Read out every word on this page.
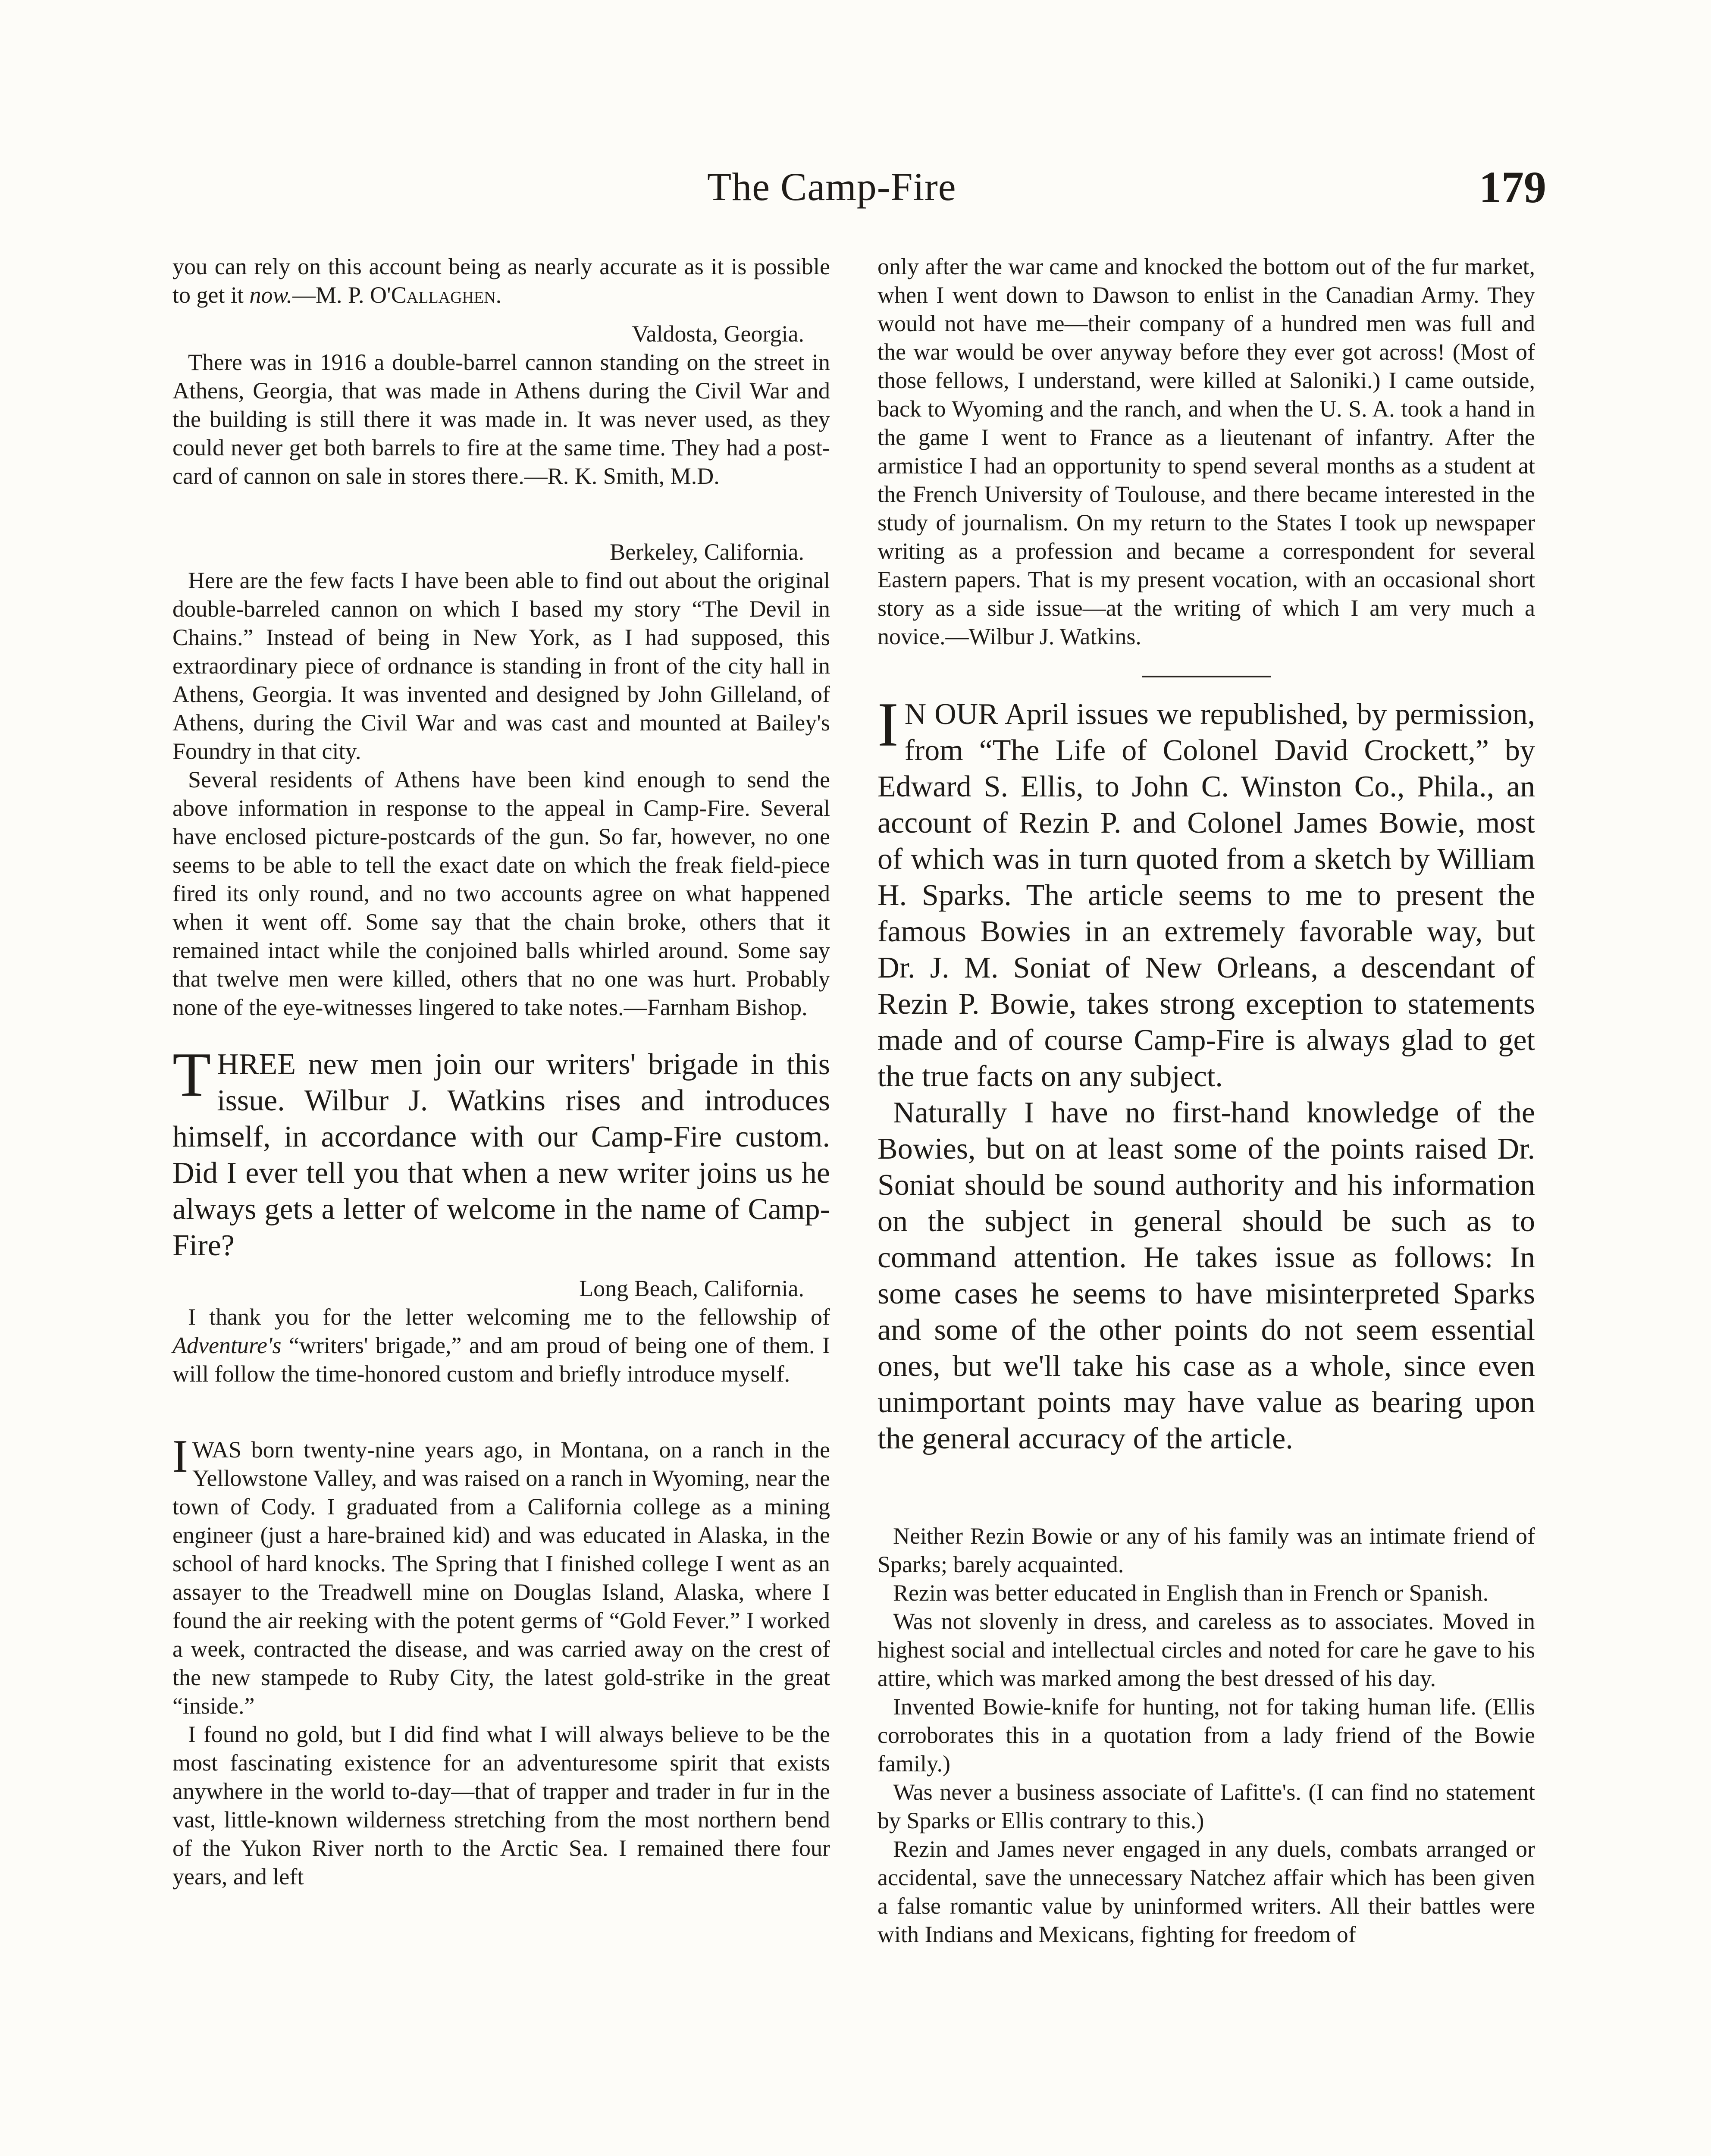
The Camp-Fire	179

you can rely on this account being as nearly accurate as it is possible to get it now.—M. P. O'Callaghen.

Valdosta, Georgia.

There was in 1916 a double-barrel cannon standing on the street in Athens, Georgia, that was made in Athens during the Civil War and the building is still there it was made in. It was never used, as they could never get both barrels to fire at the same time. They had a post-card of cannon on sale in stores there.—R. K. Smith, M.D.

Berkeley, California.

Here are the few facts I have been able to find out about the original double-barreled cannon on which I based my story “The Devil in Chains.” Instead of being in New York, as I had supposed, this extraordinary piece of ordnance is standing in front of the city hall in Athens, Georgia. It was invented and designed by John Gilleland, of Athens, during the Civil War and was cast and mounted at Bailey's Foundry in that city.

Several residents of Athens have been kind enough to send the above information in response to the appeal in Camp-Fire. Several have enclosed picture-postcards of the gun. So far, however, no one seems to be able to tell the exact date on which the freak field-piece fired its only round, and no two accounts agree on what happened when it went off. Some say that the chain broke, others that it remained intact while the conjoined balls whirled around. Some say that twelve men were killed, others that no one was hurt. Probably none of the eye-witnesses lingered to take notes.—Farnham Bishop.

THREE new men join our writers' brigade in this issue. Wilbur J. Watkins rises and introduces himself, in accordance with our Camp-Fire custom. Did I ever tell you that when a new writer joins us he always gets a letter of welcome in the name of Camp-Fire?

Long Beach, California.

I thank you for the letter welcoming me to the fellowship of Adventure's “writers' brigade,” and am proud of being one of them. I will follow the time-honored custom and briefly introduce myself.

I WAS born twenty-nine years ago, in Montana, on a ranch in the Yellowstone Valley, and was raised on a ranch in Wyoming, near the town of Cody. I graduated from a California college as a mining engineer (just a hare-brained kid) and was educated in Alaska, in the school of hard knocks. The Spring that I finished college I went as an assayer to the Treadwell mine on Douglas Island, Alaska, where I found the air reeking with the potent germs of “Gold Fever.” I worked a week, contracted the disease, and was carried away on the crest of the new stampede to Ruby City, the latest gold-strike in the great “inside.”

I found no gold, but I did find what I will always believe to be the most fascinating existence for an adventuresome spirit that exists anywhere in the world to-day—that of trapper and trader in fur in the vast, little-known wilderness stretching from the most northern bend of the Yukon River north to the Arctic Sea. I remained there four years, and left

only after the war came and knocked the bottom out of the fur market, when I went down to Dawson to enlist in the Canadian Army. They would not have me—their company of a hundred men was full and the war would be over anyway before they ever got across! (Most of those fellows, I understand, were killed at Saloniki.) I came outside, back to Wyoming and the ranch, and when the U. S. A. took a hand in the game I went to France as a lieutenant of infantry. After the armistice I had an opportunity to spend several months as a student at the French University of Toulouse, and there became interested in the study of journalism. On my return to the States I took up newspaper writing as a profession and became a correspondent for several Eastern papers. That is my present vocation, with an occasional short story as a side issue—at the writing of which I am very much a novice.—Wilbur J. Watkins.

I N OUR April issues we republished, by permission, from “The Life of Colonel David Crockett,” by Edward S. Ellis, to John C. Winston Co., Phila., an account of Rezin P. and Colonel James Bowie, most of which was in turn quoted from a sketch by William H. Sparks. The article seems to me to present the famous Bowies in an extremely favorable way, but Dr. J. M. Soniat of New Orleans, a descendant of Rezin P. Bowie, takes strong exception to statements made and of course Camp-Fire is always glad to get the true facts on any subject.

Naturally I have no first-hand knowledge of the Bowies, but on at least some of the points raised Dr. Soniat should be sound authority and his information on the subject in general should be such as to command attention. He takes issue as follows: In some cases he seems to have misinterpreted Sparks and some of the other points do not seem essential ones, but we'll take his case as a whole, since even unimportant points may have value as bearing upon the general accuracy of the article.

Neither Rezin Bowie or any of his family was an intimate friend of Sparks; barely acquainted.

Rezin was better educated in English than in French or Spanish.

Was not slovenly in dress, and careless as to associates. Moved in highest social and intellectual circles and noted for care he gave to his attire, which was marked among the best dressed of his day.

Invented Bowie-knife for hunting, not for taking human life. (Ellis corroborates this in a quotation from a lady friend of the Bowie family.)

Was never a business associate of Lafitte's. (I can find no statement by Sparks or Ellis contrary to this.)

Rezin and James never engaged in any duels, combats arranged or accidental, save the unnecessary Natchez affair which has been given a false romantic value by uninformed writers. All their battles were with Indians and Mexicans, fighting for freedom of
